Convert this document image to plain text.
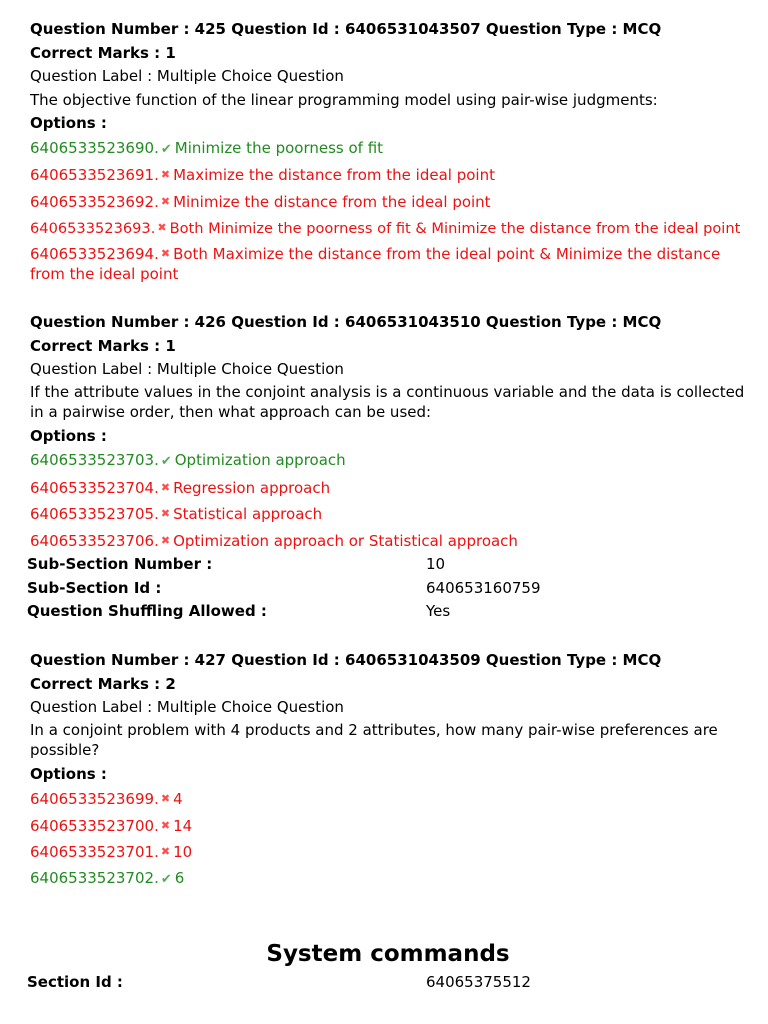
Question Number : 425 Question Id : 6406531043507 Question Type : MCQ
Correct Marks : 1
Question Label : Multiple Choice Question
The objective function of the linear programming model using pair-wise judgments:
Options :
6406533523690. ✔ Minimize the poorness of fit
6406533523691. ✖ Maximize the distance from the ideal point
6406533523692. ✖ Minimize the distance from the ideal point
6406533523693. ✖ Both Minimize the poorness of fit & Minimize the distance from the ideal point
6406533523694. ✖ Both Maximize the distance from the ideal point & Minimize the distance from the ideal point
Question Number : 426 Question Id : 6406531043510 Question Type : MCQ
Correct Marks : 1
Question Label : Multiple Choice Question
If the attribute values in the conjoint analysis is a continuous variable and the data is collected in a pairwise order, then what approach can be used:
Options :
6406533523703. ✔ Optimization approach
6406533523704. ✖ Regression approach
6406533523705. ✖ Statistical approach
6406533523706. ✖ Optimization approach or Statistical approach
Sub-Section Number :	10
Sub-Section Id :	640653160759
Question Shuffling Allowed :	Yes
Question Number : 427 Question Id : 6406531043509 Question Type : MCQ
Correct Marks : 2
Question Label : Multiple Choice Question
In a conjoint problem with 4 products and 2 attributes, how many pair-wise preferences are possible?
Options :
6406533523699. ✖ 4
6406533523700. ✖ 14
6406533523701. ✖ 10
6406533523702. ✔ 6
System commands
Section Id :	64065375512
